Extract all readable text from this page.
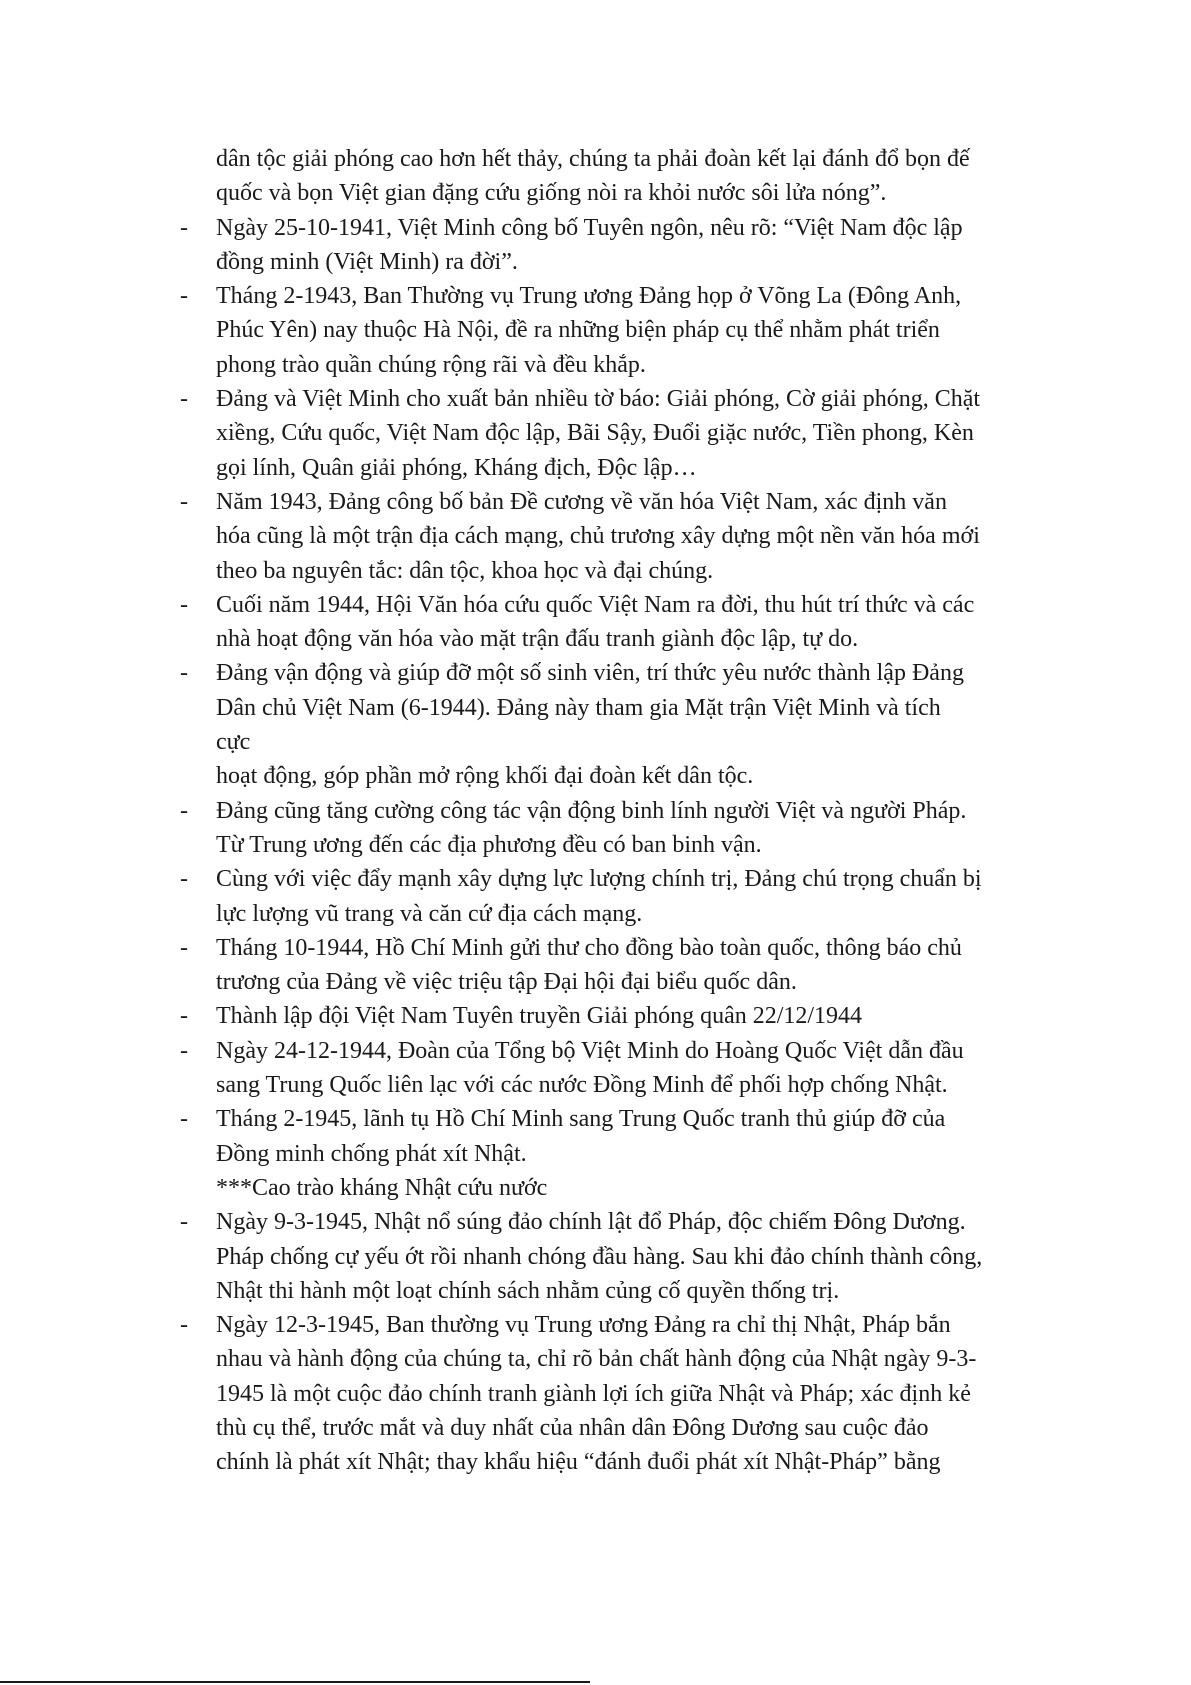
dân tộc giải phóng cao hơn hết thảy, chúng ta phải đoàn kết lại đánh đổ bọn đế
quốc và bọn Việt gian đặng cứu giống nòi ra khỏi nước sôi lửa nóng”.
- Ngày 25-10-1941, Việt Minh công bố Tuyên ngôn, nêu rõ: “Việt Nam độc lập
đồng minh (Việt Minh) ra đời”.
- Tháng 2-1943, Ban Thường vụ Trung ương Đảng họp ở Võng La (Đông Anh,
Phúc Yên) nay thuộc Hà Nội, đề ra những biện pháp cụ thể nhằm phát triển
phong trào quần chúng rộng rãi và đều khắp.
- Đảng và Việt Minh cho xuất bản nhiều tờ báo: Giải phóng, Cờ giải phóng, Chặt
xiềng, Cứu quốc, Việt Nam độc lập, Bãi Sậy, Đuổi giặc nước, Tiền phong, Kèn
gọi lính, Quân giải phóng, Kháng địch, Độc lập…
- Năm 1943, Đảng công bố bản Đề cương về văn hóa Việt Nam, xác định văn
hóa cũng là một trận địa cách mạng, chủ trương xây dựng một nền văn hóa mới
theo ba nguyên tắc: dân tộc, khoa học và đại chúng.
- Cuối năm 1944, Hội Văn hóa cứu quốc Việt Nam ra đời, thu hút trí thức và các
nhà hoạt động văn hóa vào mặt trận đấu tranh giành độc lập, tự do.
- Đảng vận động và giúp đỡ một số sinh viên, trí thức yêu nước thành lập Đảng
Dân chủ Việt Nam (6-1944). Đảng này tham gia Mặt trận Việt Minh và tích
cực
hoạt động, góp phần mở rộng khối đại đoàn kết dân tộc.
- Đảng cũng tăng cường công tác vận động binh lính người Việt và người Pháp.
Từ Trung ương đến các địa phương đều có ban binh vận.
- Cùng với việc đẩy mạnh xây dựng lực lượng chính trị, Đảng chú trọng chuẩn bị
lực lượng vũ trang và căn cứ địa cách mạng.
- Tháng 10-1944, Hồ Chí Minh gửi thư cho đồng bào toàn quốc, thông báo chủ
trương của Đảng về việc triệu tập Đại hội đại biểu quốc dân.
- Thành lập đội Việt Nam Tuyên truyền Giải phóng quân 22/12/1944
- Ngày 24-12-1944, Đoàn của Tổng bộ Việt Minh do Hoàng Quốc Việt dẫn đầu
sang Trung Quốc liên lạc với các nước Đồng Minh để phối hợp chống Nhật.
- Tháng 2-1945, lãnh tụ Hồ Chí Minh sang Trung Quốc tranh thủ giúp đỡ của
Đồng minh chống phát xít Nhật.
***Cao trào kháng Nhật cứu nước
- Ngày 9-3-1945, Nhật nổ súng đảo chính lật đổ Pháp, độc chiếm Đông Dương.
Pháp chống cự yếu ớt rồi nhanh chóng đầu hàng. Sau khi đảo chính thành công,
Nhật thi hành một loạt chính sách nhằm củng cố quyền thống trị.
- Ngày 12-3-1945, Ban thường vụ Trung ương Đảng ra chỉ thị Nhật, Pháp bắn
nhau và hành động của chúng ta, chỉ rõ bản chất hành động của Nhật ngày 9-3-
1945 là một cuộc đảo chính tranh giành lợi ích giữa Nhật và Pháp; xác định kẻ
thù cụ thể, trước mắt và duy nhất của nhân dân Đông Dương sau cuộc đảo
chính là phát xít Nhật; thay khẩu hiệu “đánh đuổi phát xít Nhật-Pháp” bằng
